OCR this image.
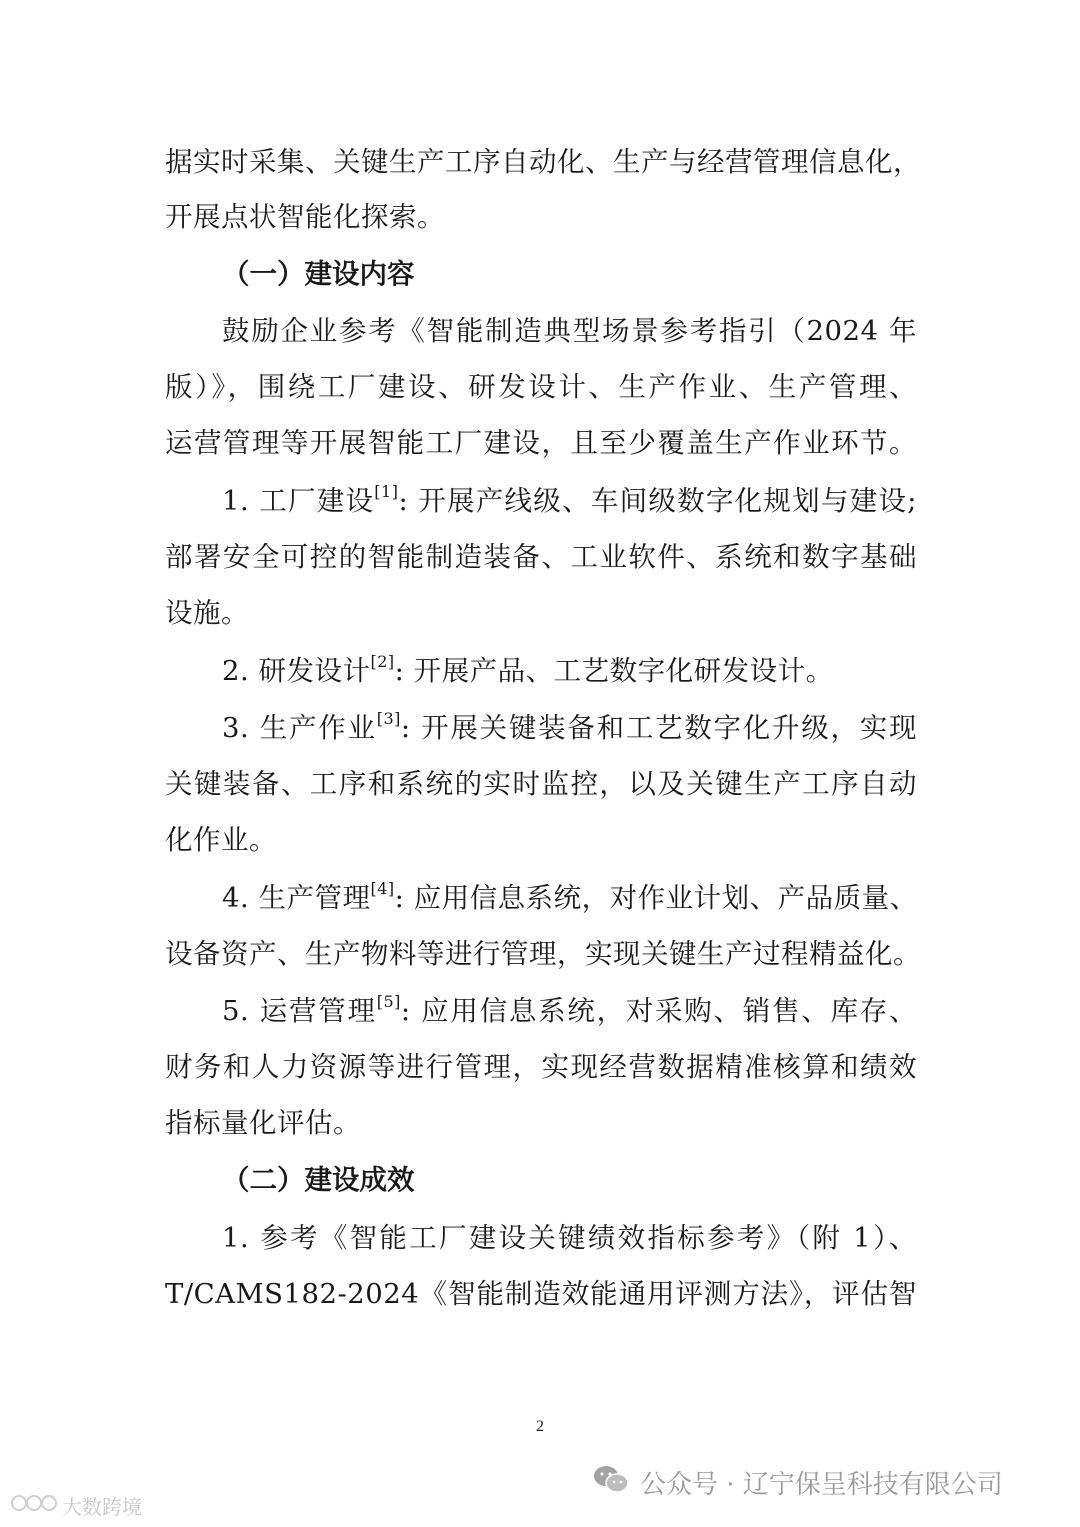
据实时采集、关键生产工序自动化、生产与经营管理信息化，
开展点状智能化探索。
（一）建设内容
鼓励企业参考《智能制造典型场景参考指引（2024 年
版）》，围绕工厂建设、研发设计、生产作业、生产管理、
运营管理等开展智能工厂建设，且至少覆盖生产作业环节。
1. 工厂建设[1]: 开展产线级、车间级数字化规划与建设;
部署安全可控的智能制造装备、工业软件、系统和数字基础
设施。
2. 研发设计[2]: 开展产品、工艺数字化研发设计。
3. 生产作业[3]: 开展关键装备和工艺数字化升级，实现
关键装备、工序和系统的实时监控，以及关键生产工序自动
化作业。
4. 生产管理[4]: 应用信息系统，对作业计划、产品质量、
设备资产、生产物料等进行管理，实现关键生产过程精益化。
5. 运营管理[5]: 应用信息系统，对采购、销售、库存、
财务和人力资源等进行管理，实现经营数据精准核算和绩效
指标量化评估。
（二）建设成效
1. 参考《智能工厂建设关键绩效指标参考》（附 1）、
T/CAMS182-2024《智能制造效能通用评测方法》，评估智
2
公众号 · 辽宁保呈科技有限公司
大数跨境
